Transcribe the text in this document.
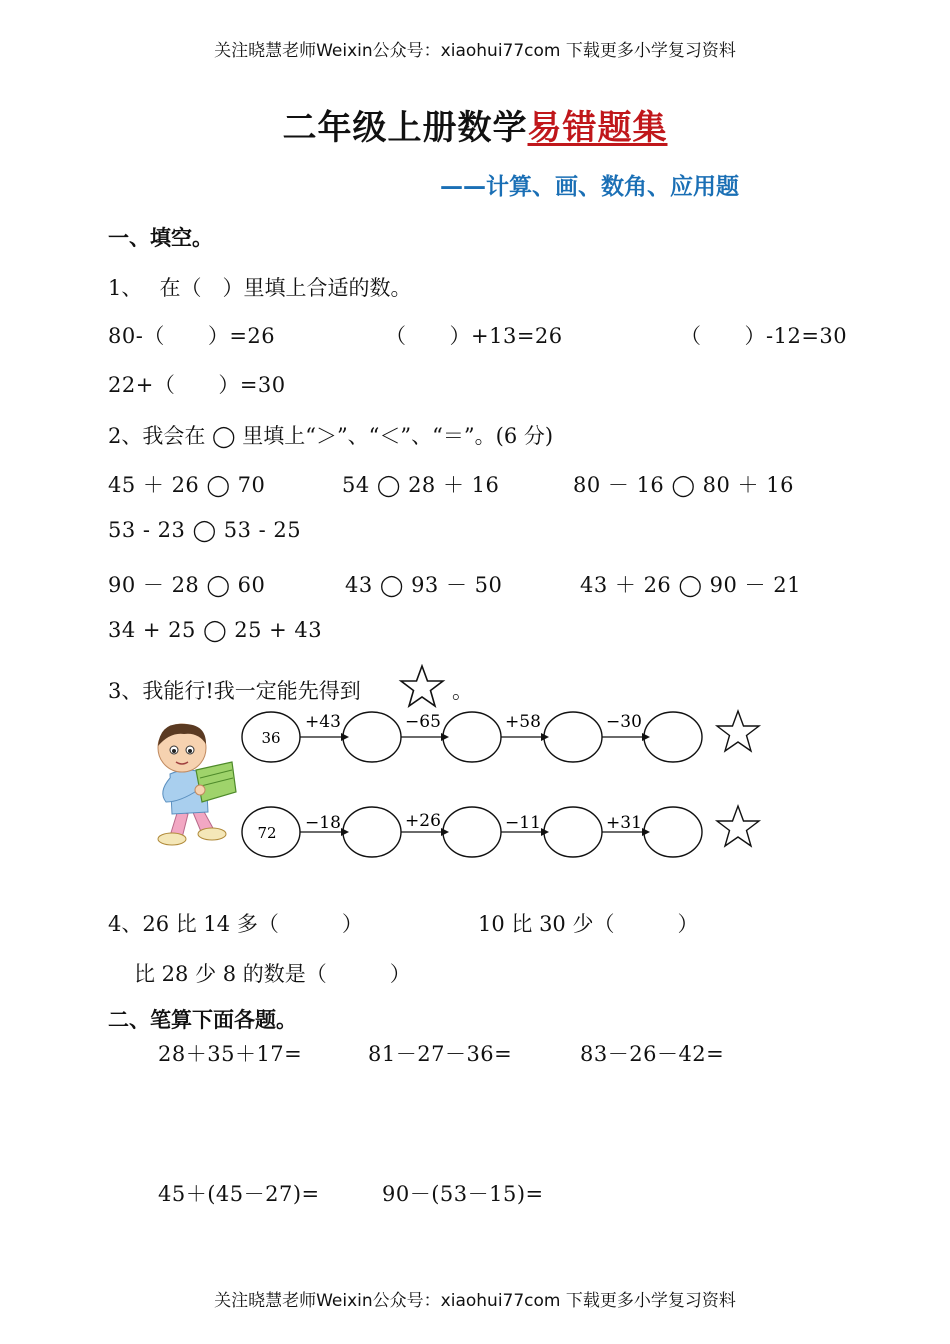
关注晓慧老师Weixin公众号：xiaohui77com 下载更多小学复习资料
二年级上册数学易错题集
——计算、画、数角、应用题
一、填空。
1、　 在（　）里填上合适的数。
80-（　　）=26	（　　）+13=26	（　　）-12=30
22+（　　）=30
2、我会在 ◯ 里填上“＞”、“＜”、“＝”。(6 分)
45 ＋ 26 ◯ 70	54 ◯ 28 ＋ 16	80 － 16 ◯ 80 ＋ 16
53 - 23 ◯ 53 - 25
90 － 28 ◯ 60	43 ◯ 93 － 50	43 ＋ 26 ◯ 90 － 21
34 + 25 ◯ 25 + 43
3、我能行!我一定能先得到	。
36
+43	−65	+58	−30
72 −18	+26	−11	+31
4、26 比 14 多（　　　）	10 比 30 少（　　　）
比 28 少 8 的数是（　　　）
二、笔算下面各题。
28＋35＋17=	81－27－36=	83－26－42=
45＋(45－27)=	90－(53－15)=
关注晓慧老师Weixin公众号：xiaohui77com 下载更多小学复习资料
